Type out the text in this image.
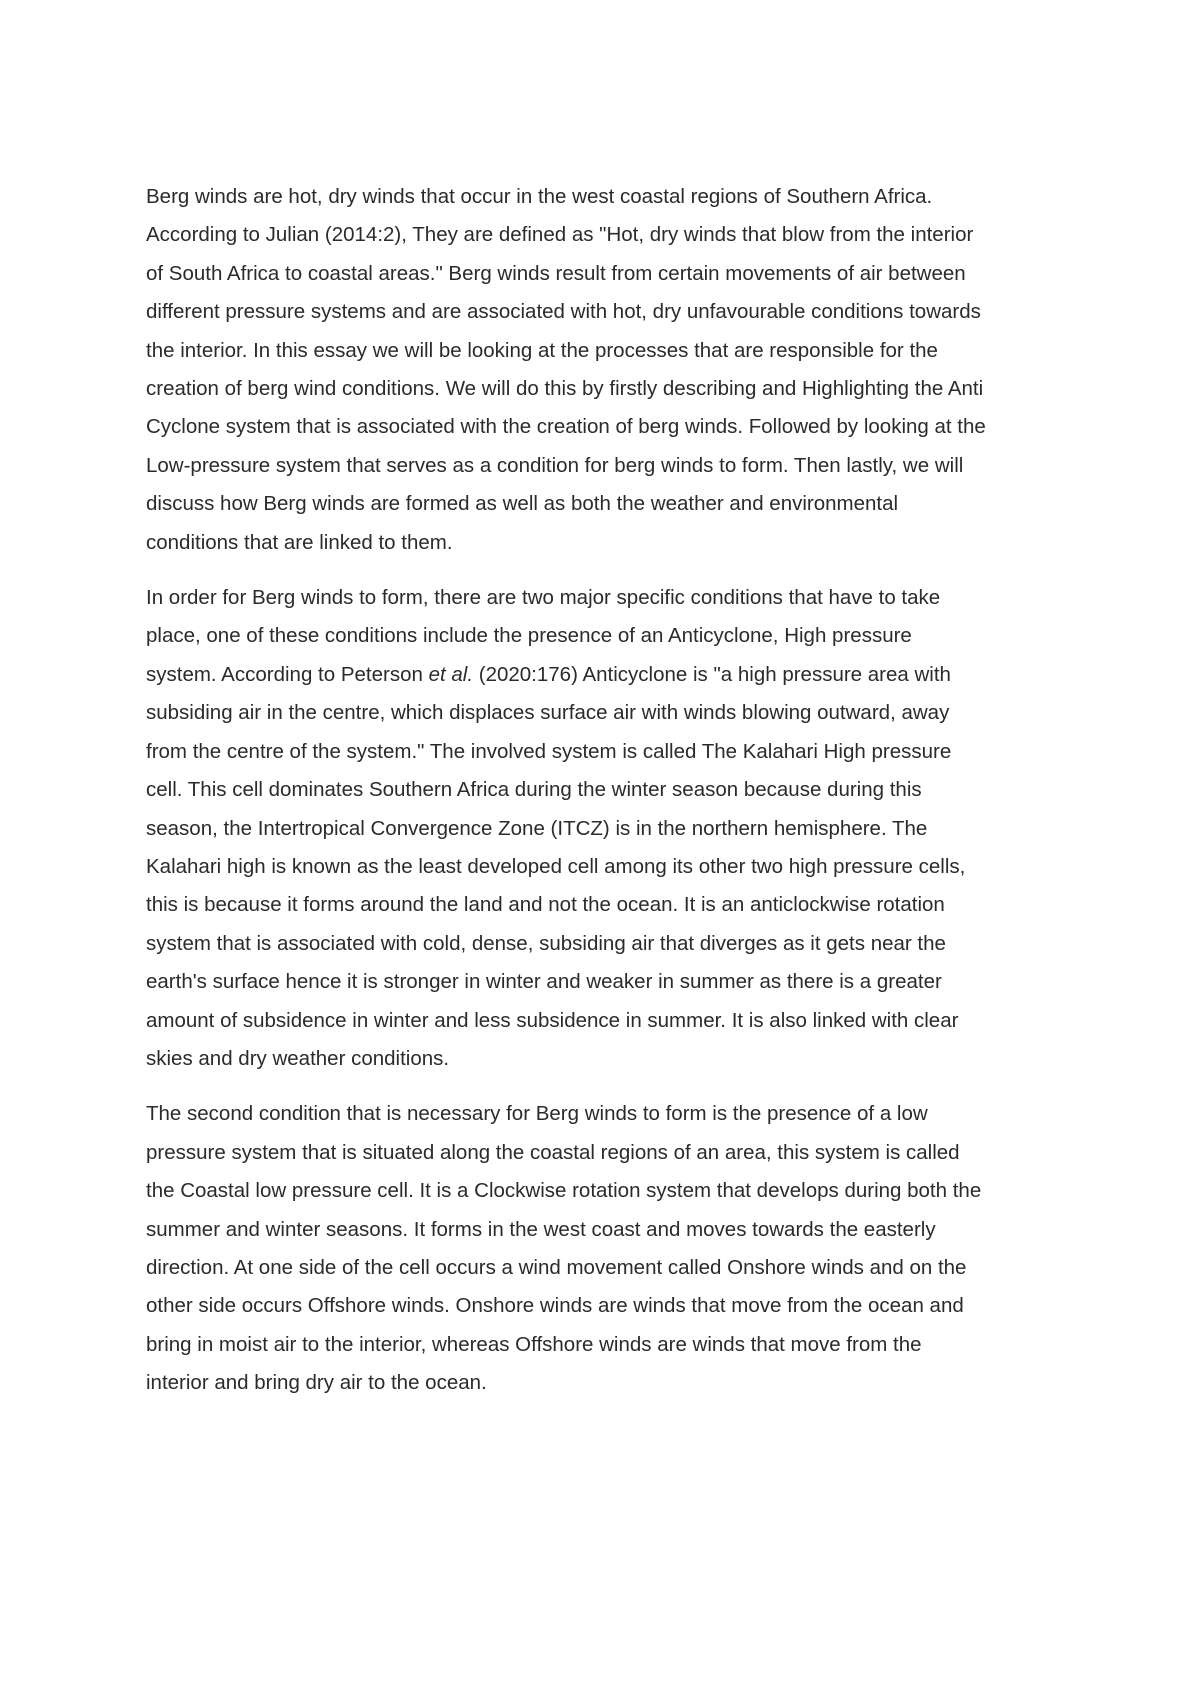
Berg winds are hot, dry winds that occur in the west coastal regions of Southern Africa.
According to Julian (2014:2), They are defined as "Hot, dry winds that blow from the interior
of South Africa to coastal areas." Berg winds result from certain movements of air between
different pressure systems and are associated with hot, dry unfavourable conditions towards
the interior. In this essay we will be looking at the processes that are responsible for the
creation of berg wind conditions. We will do this by firstly describing and Highlighting the Anti
Cyclone system that is associated with the creation of berg winds. Followed by looking at the
Low-pressure system that serves as a condition for berg winds to form. Then lastly, we will
discuss how Berg winds are formed as well as both the weather and environmental
conditions that are linked to them.

In order for Berg winds to form, there are two major specific conditions that have to take
place, one of these conditions include the presence of an Anticyclone, High pressure
system. According to Peterson et al. (2020:176) Anticyclone is "a high pressure area with
subsiding air in the centre, which displaces surface air with winds blowing outward, away
from the centre of the system." The involved system is called The Kalahari High pressure
cell. This cell dominates Southern Africa during the winter season because during this
season, the Intertropical Convergence Zone (ITCZ) is in the northern hemisphere. The
Kalahari high is known as the least developed cell among its other two high pressure cells,
this is because it forms around the land and not the ocean. It is an anticlockwise rotation
system that is associated with cold, dense, subsiding air that diverges as it gets near the
earth's surface hence it is stronger in winter and weaker in summer as there is a greater
amount of subsidence in winter and less subsidence in summer. It is also linked with clear
skies and dry weather conditions.

The second condition that is necessary for Berg winds to form is the presence of a low
pressure system that is situated along the coastal regions of an area, this system is called
the Coastal low pressure cell. It is a Clockwise rotation system that develops during both the
summer and winter seasons. It forms in the west coast and moves towards the easterly
direction. At one side of the cell occurs a wind movement called Onshore winds and on the
other side occurs Offshore winds. Onshore winds are winds that move from the ocean and
bring in moist air to the interior, whereas Offshore winds are winds that move from the
interior and bring dry air to the ocean.
